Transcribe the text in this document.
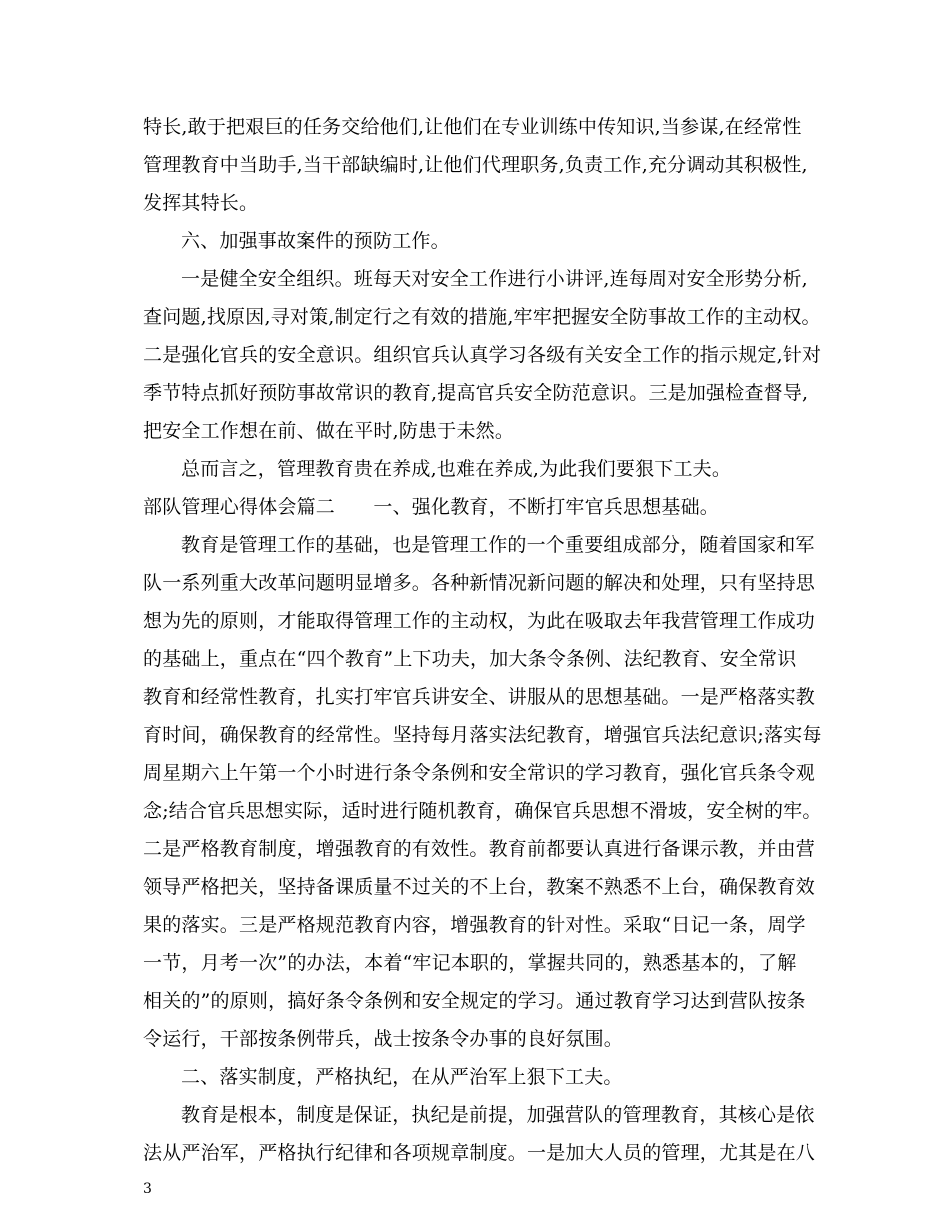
特长,敢于把艰巨的任务交给他们,让他们在专业训练中传知识,当参谋,在经常性
管理教育中当助手,当干部缺编时,让他们代理职务,负责工作,充分调动其积极性,
发挥其特长。
六、加强事故案件的预防工作。
一是健全安全组织。班每天对安全工作进行小讲评,连每周对安全形势分析,
查问题,找原因,寻对策,制定行之有效的措施,牢牢把握安全防事故工作的主动权。
二是强化官兵的安全意识。组织官兵认真学习各级有关安全工作的指示规定,针对
季节特点抓好预防事故常识的教育,提高官兵安全防范意识。三是加强检查督导,
把安全工作想在前、做在平时,防患于未然。
总而言之，管理教育贵在养成,也难在养成,为此我们要狠下工夫。
部队管理心得体会篇二　　一、强化教育，不断打牢官兵思想基础。
教育是管理工作的基础，也是管理工作的一个重要组成部分，随着国家和军
队一系列重大改革问题明显增多。各种新情况新问题的解决和处理，只有坚持思
想为先的原则，才能取得管理工作的主动权，为此在吸取去年我营管理工作成功
的基础上，重点在“四个教育”上下功夫，加大条令条例、法纪教育、安全常识
教育和经常性教育，扎实打牢官兵讲安全、讲服从的思想基础。一是严格落实教
育时间，确保教育的经常性。坚持每月落实法纪教育，增强官兵法纪意识;落实每
周星期六上午第一个小时进行条令条例和安全常识的学习教育，强化官兵条令观
念;结合官兵思想实际，适时进行随机教育，确保官兵思想不滑坡，安全树的牢。
二是严格教育制度，增强教育的有效性。教育前都要认真进行备课示教，并由营
领导严格把关，坚持备课质量不过关的不上台，教案不熟悉不上台，确保教育效
果的落实。三是严格规范教育内容，增强教育的针对性。采取“日记一条，周学
一节，月考一次”的办法，本着“牢记本职的，掌握共同的，熟悉基本的，了解
相关的”的原则，搞好条令条例和安全规定的学习。通过教育学习达到营队按条
令运行，干部按条例带兵，战士按条令办事的良好氛围。
二、落实制度，严格执纪，在从严治军上狠下工夫。
教育是根本，制度是保证，执纪是前提，加强营队的管理教育，其核心是依
法从严治军，严格执行纪律和各项规章制度。一是加大人员的管理，尤其是在八
3
